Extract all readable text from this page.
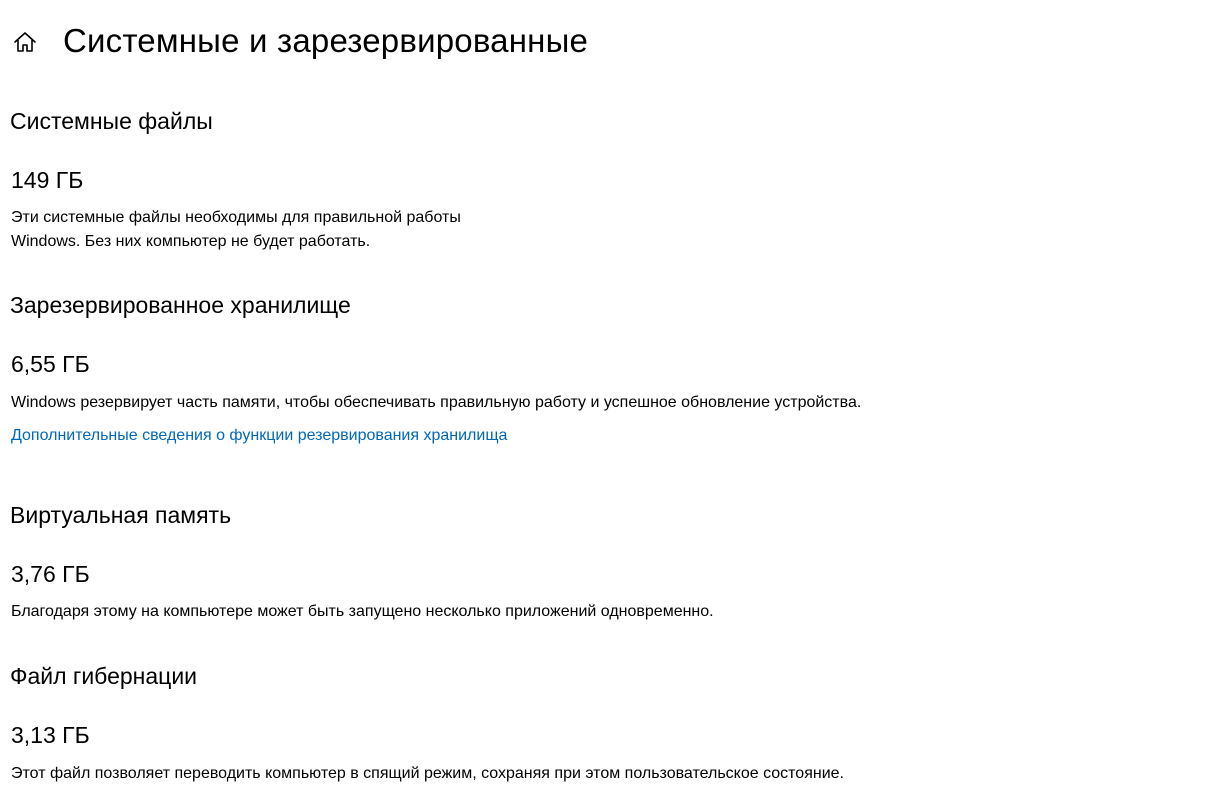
Системные и зарезервированные
Системные файлы
149 ГБ
Эти системные файлы необходимы для правильной работы
Windows. Без них компьютер не будет работать.
Зарезервированное хранилище
6,55 ГБ
Windows резервирует часть памяти, чтобы обеспечивать правильную работу и успешное обновление устройства.
Дополнительные сведения о функции резервирования хранилища
Виртуальная память
3,76 ГБ
Благодаря этому на компьютере может быть запущено несколько приложений одновременно.
Файл гибернации
3,13 ГБ
Этот файл позволяет переводить компьютер в спящий режим, сохраняя при этом пользовательское состояние.
